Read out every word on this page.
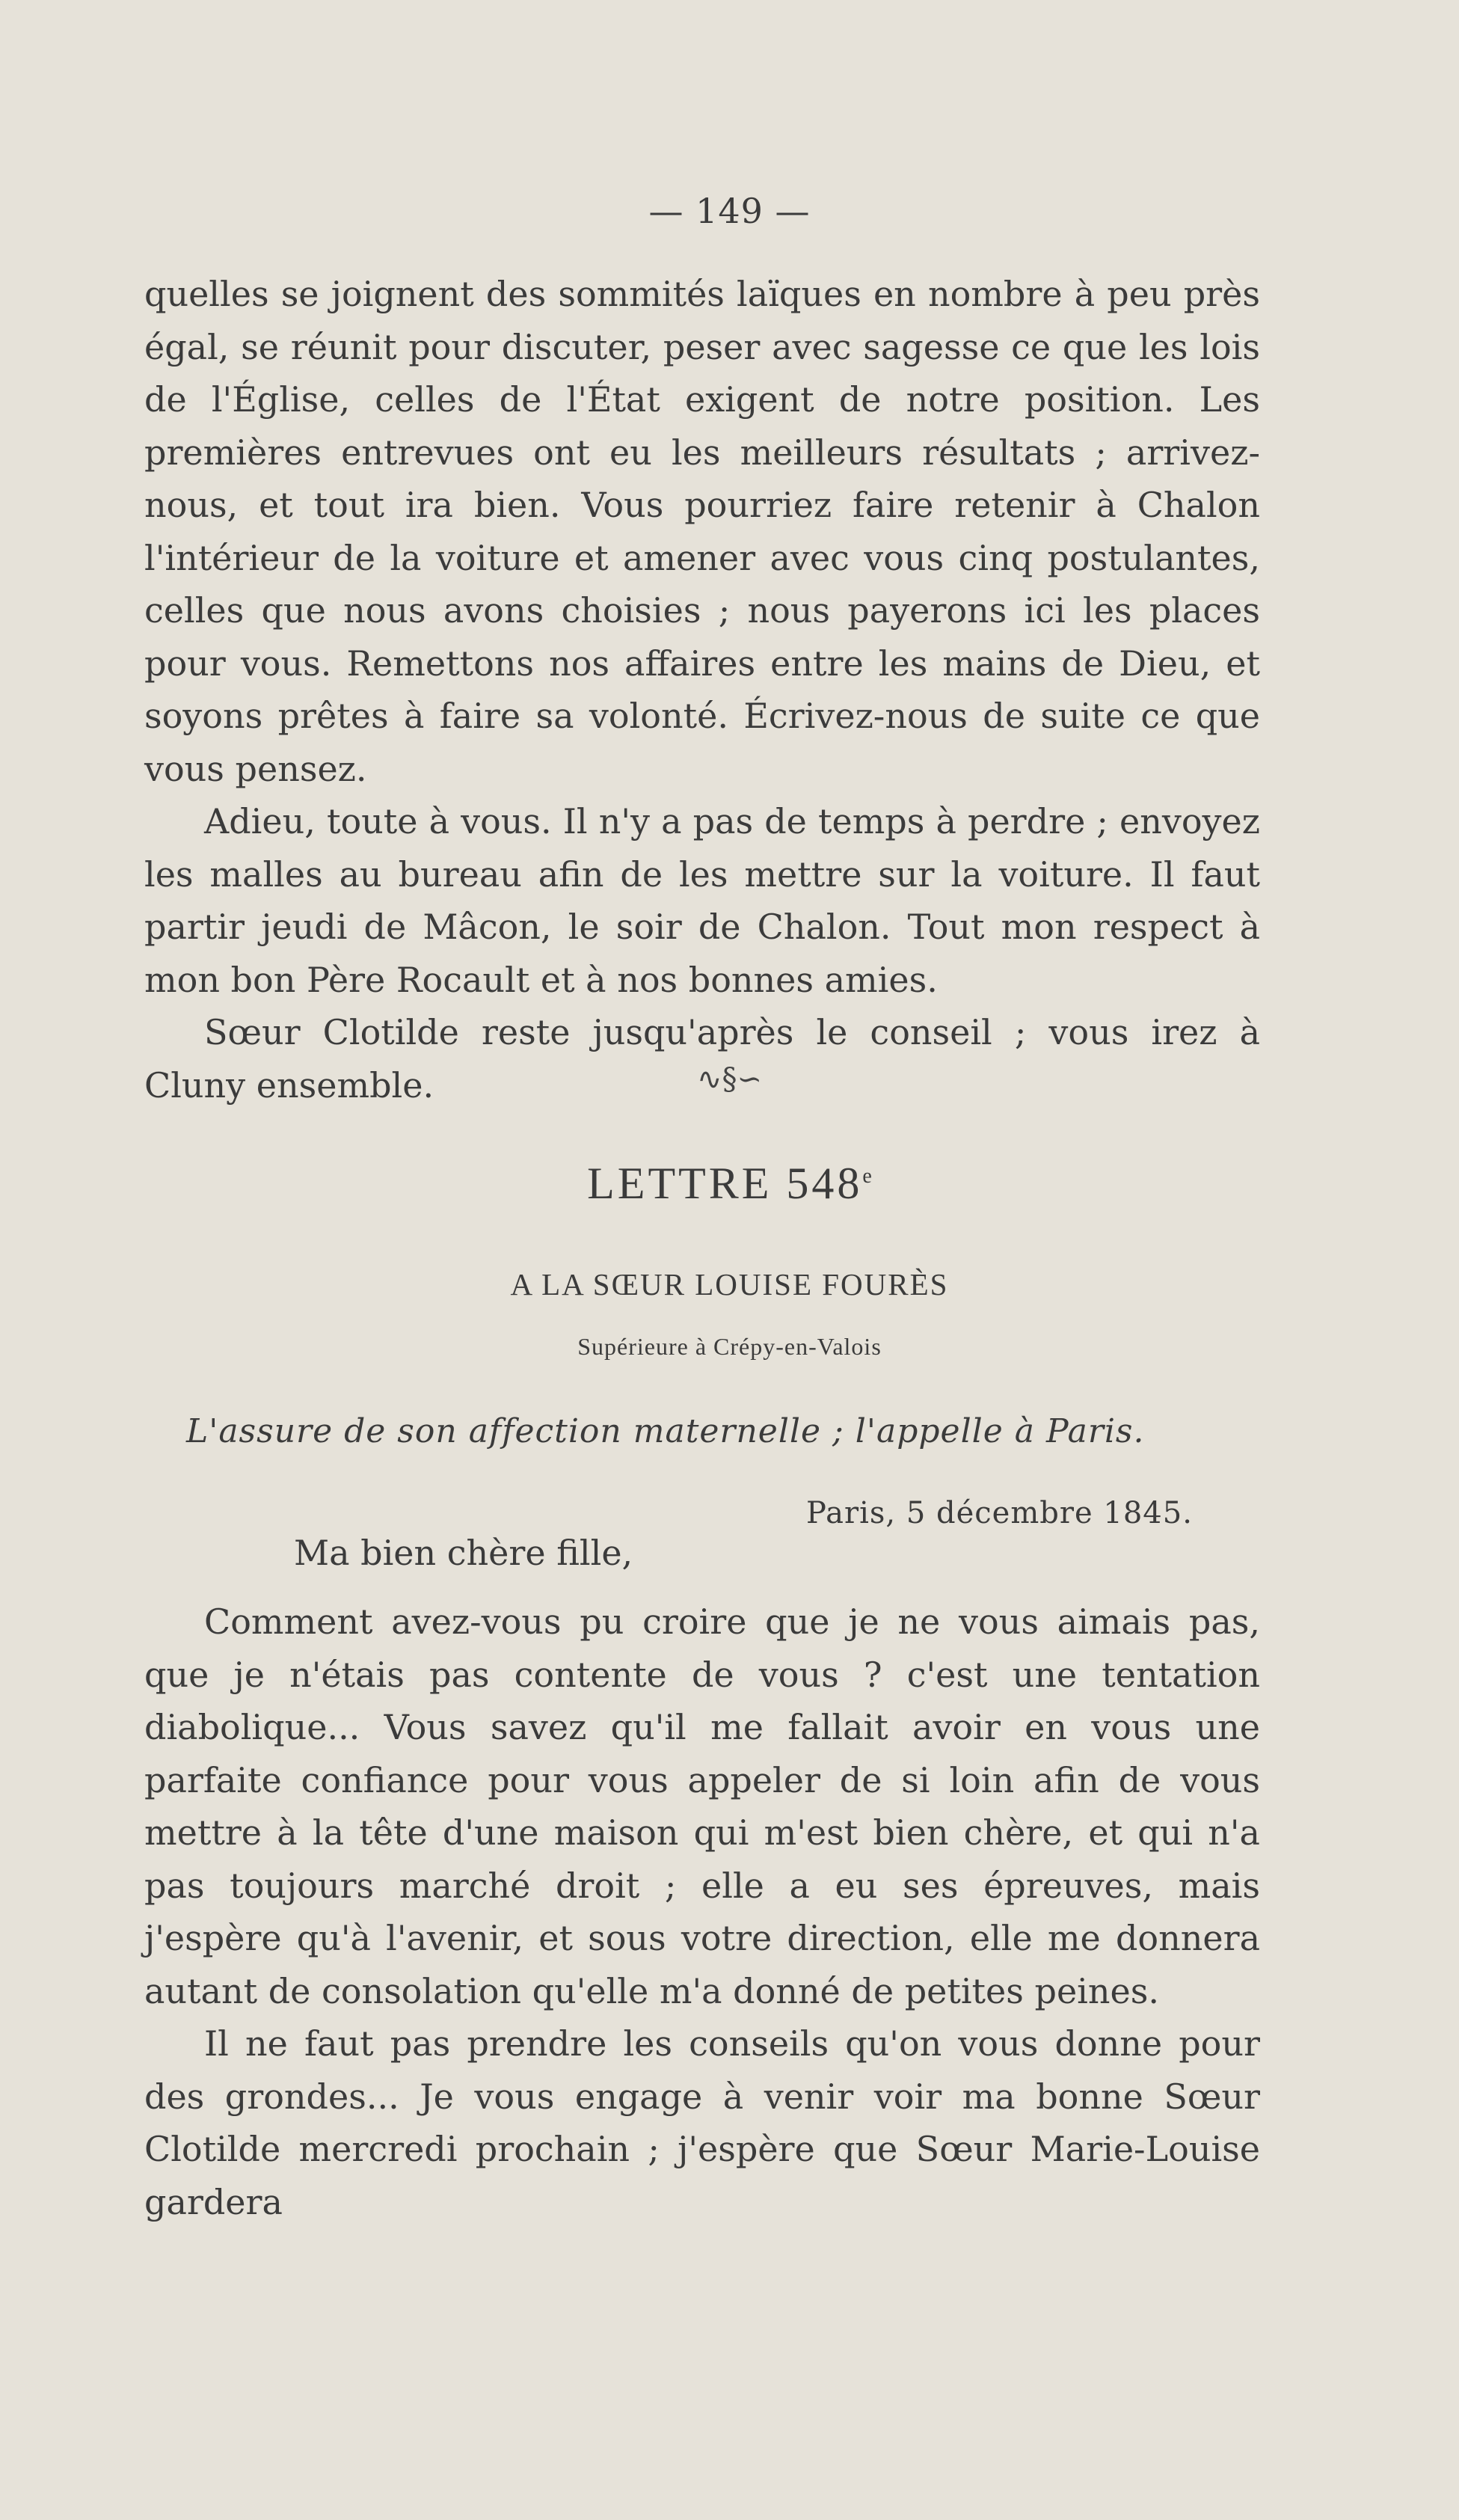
— 149 —

quelles se joignent des sommités laïques en nombre à peu près égal, se réunit pour discuter, peser avec sagesse ce que les lois de l'Église, celles de l'État exigent de notre position. Les premières entrevues ont eu les meilleurs résultats ; arrivez-nous, et tout ira bien. Vous pourriez faire retenir à Chalon l'intérieur de la voiture et amener avec vous cinq postulantes, celles que nous avons choisies ; nous payerons ici les places pour vous. Remettons nos affaires entre les mains de Dieu, et soyons prêtes à faire sa volonté. Écrivez-nous de suite ce que vous pensez.

Adieu, toute à vous. Il n'y a pas de temps à perdre ; envoyez les malles au bureau afin de les mettre sur la voiture. Il faut partir jeudi de Mâcon, le soir de Chalon. Tout mon respect à mon bon Père Rocault et à nos bonnes amies.

Sœur Clotilde reste jusqu'après le conseil ; vous irez à Cluny ensemble.	∿§∽
LETTRE 548e
A LA SŒUR LOUISE FOURÈS
Supérieure à Crépy-en-Valois
L'assure de son affection maternelle ; l'appelle à Paris.
Paris, 5 décembre 1845.
Ma bien chère fille,

Comment avez-vous pu croire que je ne vous aimais pas, que je n'étais pas contente de vous ? c'est une tentation diabolique... Vous savez qu'il me fallait avoir en vous une parfaite confiance pour vous appeler de si loin afin de vous mettre à la tête d'une maison qui m'est bien chère, et qui n'a pas toujours marché droit ; elle a eu ses épreuves, mais j'espère qu'à l'avenir, et sous votre direction, elle me donnera autant de consolation qu'elle m'a donné de petites peines.

Il ne faut pas prendre les conseils qu'on vous donne pour des grondes... Je vous engage à venir voir ma bonne Sœur Clotilde mercredi prochain ; j'espère que Sœur Marie-Louise gardera
